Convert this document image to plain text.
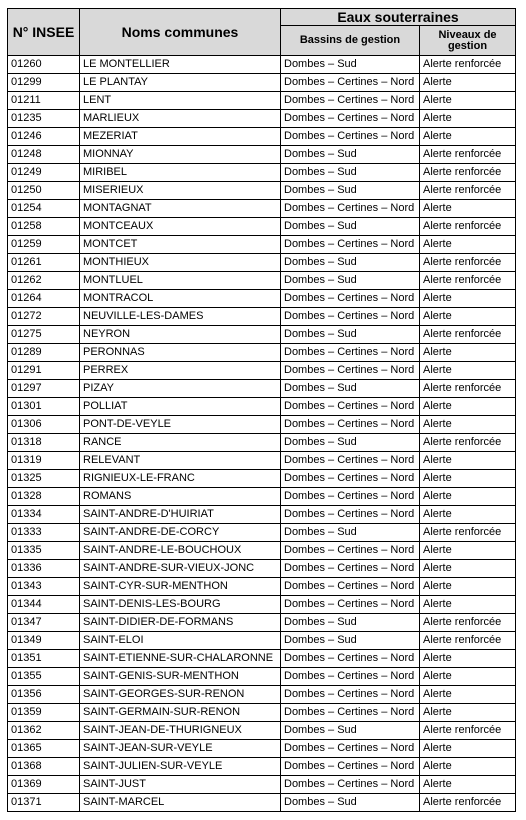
N° INSEE	Noms communes	Eaux souterraines	
		Bassins de gestion	Niveaux de gestion
01260	LE MONTELLIER	Dombes – Sud	Alerte renforcée
01299	LE PLANTAY	Dombes – Certines – Nord	Alerte
01211	LENT	Dombes – Certines – Nord	Alerte
01235	MARLIEUX	Dombes – Certines – Nord	Alerte
01246	MEZERIAT	Dombes – Certines – Nord	Alerte
01248	MIONNAY	Dombes – Sud	Alerte renforcée
01249	MIRIBEL	Dombes – Sud	Alerte renforcée
01250	MISERIEUX	Dombes – Sud	Alerte renforcée
01254	MONTAGNAT	Dombes – Certines – Nord	Alerte
01258	MONTCEAUX	Dombes – Sud	Alerte renforcée
01259	MONTCET	Dombes – Certines – Nord	Alerte
01261	MONTHIEUX	Dombes – Sud	Alerte renforcée
01262	MONTLUEL	Dombes – Sud	Alerte renforcée
01264	MONTRACOL	Dombes – Certines – Nord	Alerte
01272	NEUVILLE-LES-DAMES	Dombes – Certines – Nord	Alerte
01275	NEYRON	Dombes – Sud	Alerte renforcée
01289	PERONNAS	Dombes – Certines – Nord	Alerte
01291	PERREX	Dombes – Certines – Nord	Alerte
01297	PIZAY	Dombes – Sud	Alerte renforcée
01301	POLLIAT	Dombes – Certines – Nord	Alerte
01306	PONT-DE-VEYLE	Dombes – Certines – Nord	Alerte
01318	RANCE	Dombes – Sud	Alerte renforcée
01319	RELEVANT	Dombes – Certines – Nord	Alerte
01325	RIGNIEUX-LE-FRANC	Dombes – Certines – Nord	Alerte
01328	ROMANS	Dombes – Certines – Nord	Alerte
01334	SAINT-ANDRE-D'HUIRIAT	Dombes – Certines – Nord	Alerte
01333	SAINT-ANDRE-DE-CORCY	Dombes – Sud	Alerte renforcée
01335	SAINT-ANDRE-LE-BOUCHOUX	Dombes – Certines – Nord	Alerte
01336	SAINT-ANDRE-SUR-VIEUX-JONC	Dombes – Certines – Nord	Alerte
01343	SAINT-CYR-SUR-MENTHON	Dombes – Certines – Nord	Alerte
01344	SAINT-DENIS-LES-BOURG	Dombes – Certines – Nord	Alerte
01347	SAINT-DIDIER-DE-FORMANS	Dombes – Sud	Alerte renforcée
01349	SAINT-ELOI	Dombes – Sud	Alerte renforcée
01351	SAINT-ETIENNE-SUR-CHALARONNE	Dombes – Certines – Nord	Alerte
01355	SAINT-GENIS-SUR-MENTHON	Dombes – Certines – Nord	Alerte
01356	SAINT-GEORGES-SUR-RENON	Dombes – Certines – Nord	Alerte
01359	SAINT-GERMAIN-SUR-RENON	Dombes – Certines – Nord	Alerte
01362	SAINT-JEAN-DE-THURIGNEUX	Dombes – Sud	Alerte renforcée
01365	SAINT-JEAN-SUR-VEYLE	Dombes – Certines – Nord	Alerte
01368	SAINT-JULIEN-SUR-VEYLE	Dombes – Certines – Nord	Alerte
01369	SAINT-JUST	Dombes – Certines – Nord	Alerte
01371	SAINT-MARCEL	Dombes – Sud	Alerte renforcée
